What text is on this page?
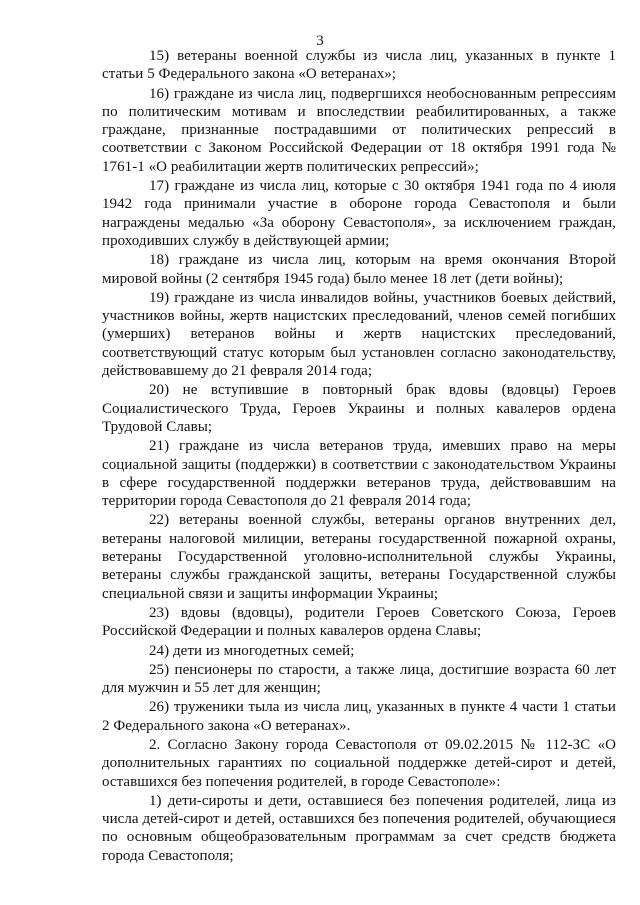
3

15) ветераны военной службы из числа лиц, указанных в пункте 1 статьи 5 Федерального закона «О ветеранах»;

16) граждане из числа лиц, подвергшихся необоснованным репрессиям по политическим мотивам и впоследствии реабилитированных, а также граждане, признанные пострадавшими от политических репрессий в соответствии с Законом Российской Федерации от 18 октября 1991 года № 1761-1 «О реабилитации жертв политических репрессий»;

17) граждане из числа лиц, которые с 30 октября 1941 года по 4 июля 1942 года принимали участие в обороне города Севастополя и были награждены медалью «За оборону Севастополя», за исключением граждан, проходивших службу в действующей армии;

18) граждане из числа лиц, которым на время окончания Второй мировой войны (2 сентября 1945 года) было менее 18 лет (дети войны);

19) граждане из числа инвалидов войны, участников боевых действий, участников войны, жертв нацистских преследований, членов семей погибших (умерших) ветеранов войны и жертв нацистских преследований, соответствующий статус которым был установлен согласно законодательству, действовавшему до 21 февраля 2014 года;

20) не вступившие в повторный брак вдовы (вдовцы) Героев Социалистического Труда, Героев Украины и полных кавалеров ордена Трудовой Славы;

21) граждане из числа ветеранов труда, имевших право на меры социальной защиты (поддержки) в соответствии с законодательством Украины в сфере государственной поддержки ветеранов труда, действовавшим на территории города Севастополя до 21 февраля 2014 года;

22) ветераны военной службы, ветераны органов внутренних дел, ветераны налоговой милиции, ветераны государственной пожарной охраны, ветераны Государственной уголовно-исполнительной службы Украины, ветераны службы гражданской защиты, ветераны Государственной службы специальной связи и защиты информации Украины;

23) вдовы (вдовцы), родители Героев Советского Союза, Героев Российской Федерации и полных кавалеров ордена Славы;

24) дети из многодетных семей;

25) пенсионеры по старости, а также лица, достигшие возраста 60 лет для мужчин и 55 лет для женщин;

26) труженики тыла из числа лиц, указанных в пункте 4 части 1 статьи 2 Федерального закона «О ветеранах».

2. Согласно Закону города Севастополя от 09.02.2015 № 112-ЗС «О дополнительных гарантиях по социальной поддержке детей-сирот и детей, оставшихся без попечения родителей, в городе Севастополе»:

1) дети-сироты и дети, оставшиеся без попечения родителей, лица из числа детей-сирот и детей, оставшихся без попечения родителей, обучающиеся по основным общеобразовательным программам за счет средств бюджета города Севастополя;
